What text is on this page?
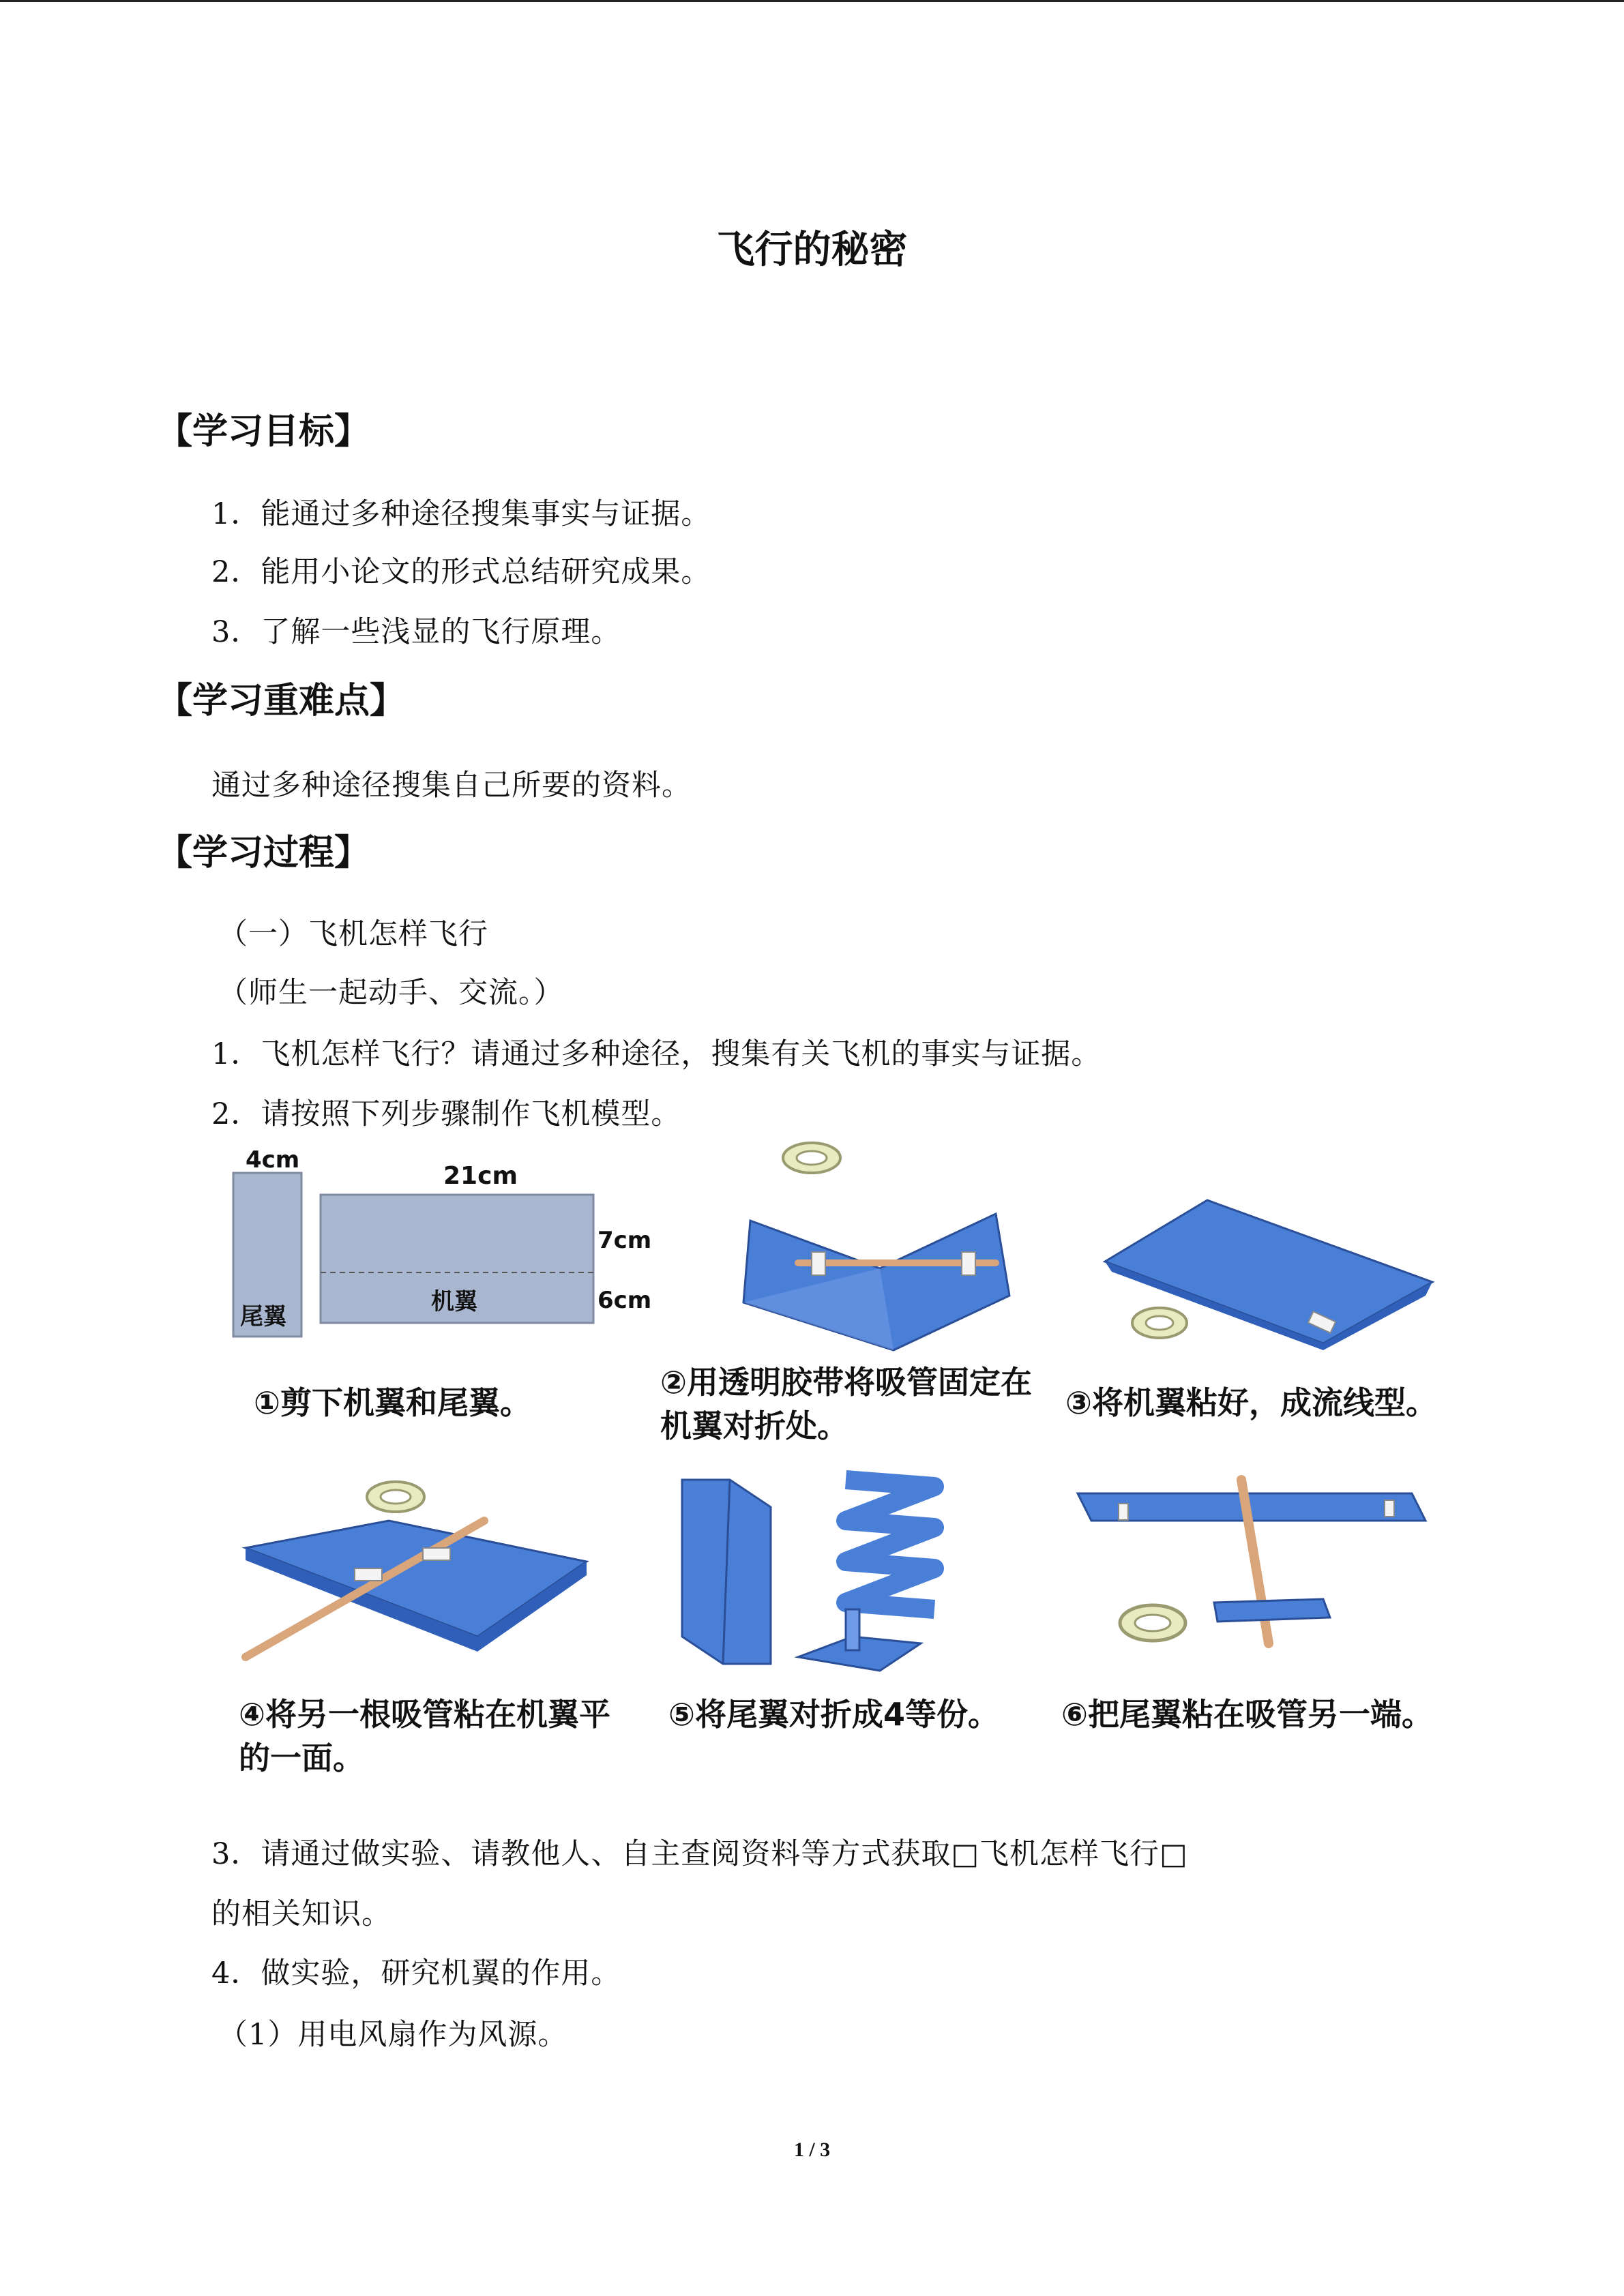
飞行的秘密
【学习目标】
1．能通过多种途径搜集事实与证据。
2．能用小论文的形式总结研究成果。
3．了解一些浅显的飞行原理。
【学习重难点】
通过多种途径搜集自己所要的资料。
【学习过程】
（一）飞机怎样飞行
（师生一起动手、交流。）
1．飞机怎样飞行？请通过多种途径，搜集有关飞机的事实与证据。
2．请按照下列步骤制作飞机模型。
4cm
21cm
7cm
6cm
尾翼
机翼
①剪下机翼和尾翼。
②用透明胶带将吸管固定在机翼对折处。
③将机翼粘好，成流线型。
④将另一根吸管粘在机翼平的一面。
⑤将尾翼对折成4等份。	⑥把尾翼粘在吸管另一端。
3．请通过做实验、请教他人、自主查阅资料等方式获取□飞机怎样飞行□
的相关知识。
4．做实验，研究机翼的作用。
（1）用电风扇作为风源。
1 / 3
